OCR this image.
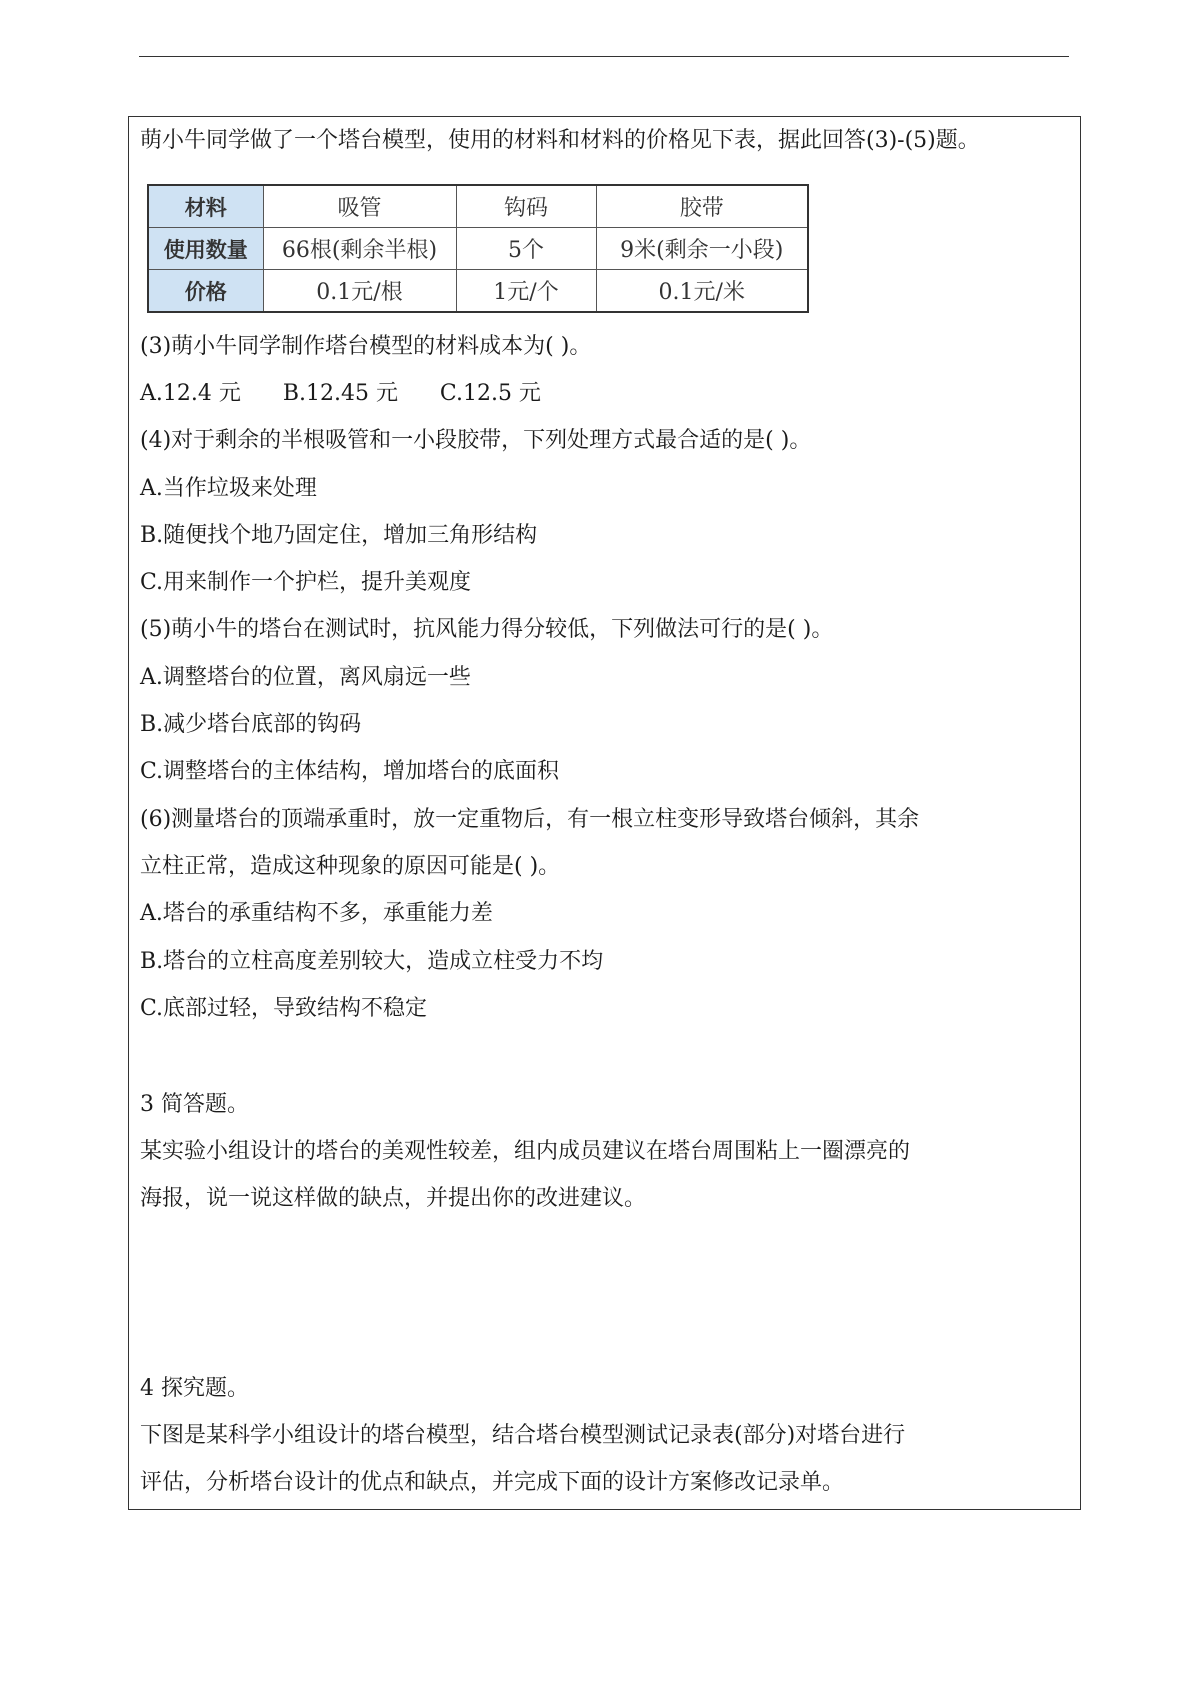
萌小牛同学做了一个塔台模型，使用的材料和材料的价格见下表，据此回答(3)-(5)题。
材料	吸管	钩码	胶带
使用数量	66根(剩余半根)	5个	9米(剩余一小段)
价格	0.1元/根	1元/个	0.1元/米
(3)萌小牛同学制作塔台模型的材料成本为( )。
A.12.4 元      B.12.45 元      C.12.5 元
(4)对于剩余的半根吸管和一小段胶带，下列处理方式最合适的是( )。
A.当作垃圾来处理
B.随便找个地乃固定住，增加三角形结构
C.用来制作一个护栏，提升美观度
(5)萌小牛的塔台在测试时，抗风能力得分较低，下列做法可行的是( )。
A.调整塔台的位置，离风扇远一些
B.减少塔台底部的钩码
C.调整塔台的主体结构，增加塔台的底面积
(6)测量塔台的顶端承重时，放一定重物后，有一根立柱变形导致塔台倾斜，其余
立柱正常，造成这种现象的原因可能是( )。
A.塔台的承重结构不多，承重能力差
B.塔台的立柱高度差别较大，造成立柱受力不均
C.底部过轻，导致结构不稳定
3 简答题。
某实验小组设计的塔台的美观性较差，组内成员建议在塔台周围粘上一圈漂亮的
海报，说一说这样做的缺点，并提出你的改进建议。
4 探究题。
下图是某科学小组设计的塔台模型，结合塔台模型测试记录表(部分)对塔台进行
评估，分析塔台设计的优点和缺点，并完成下面的设计方案修改记录单。
